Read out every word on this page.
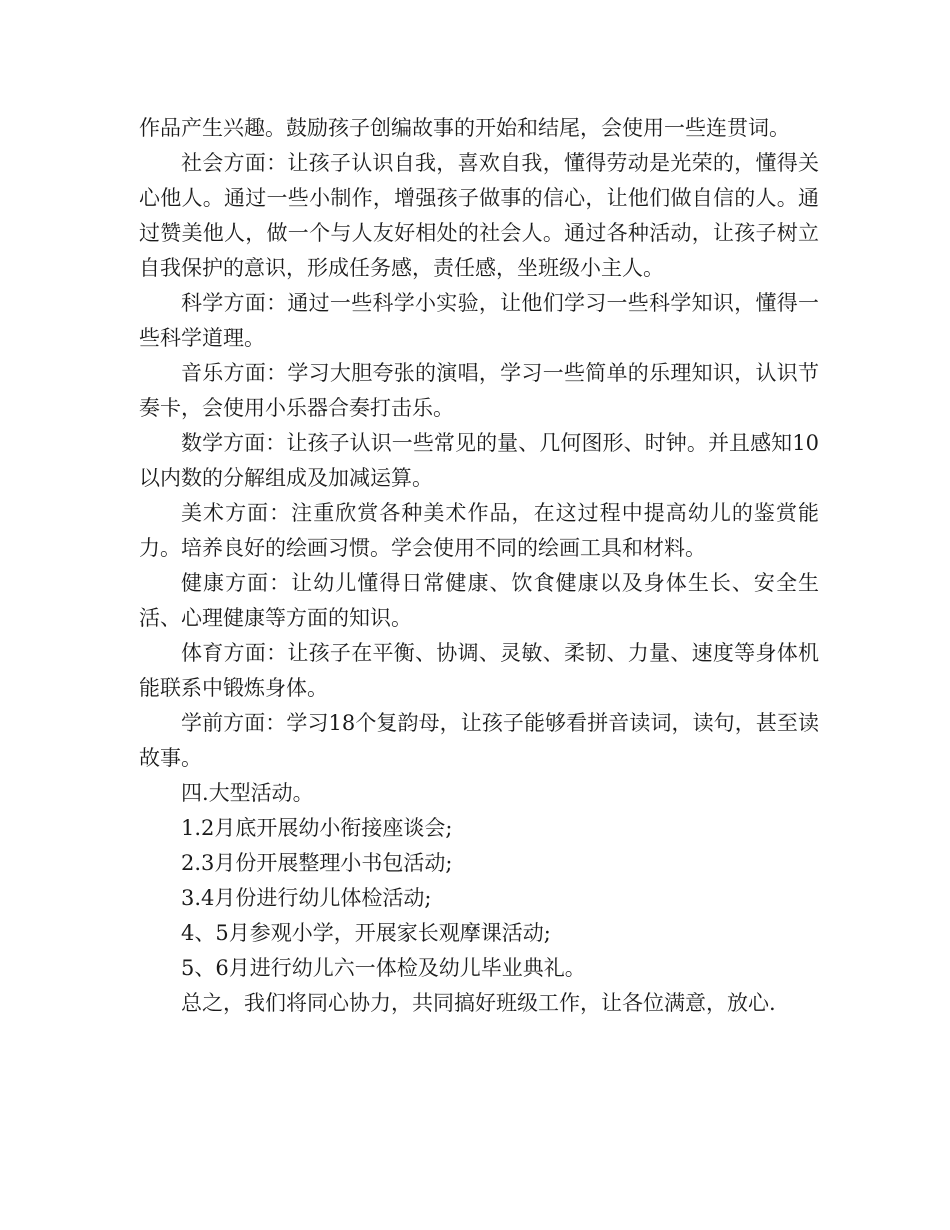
作品产生兴趣。鼓励孩子创编故事的开始和结尾，会使用一些连贯词。

社会方面：让孩子认识自我，喜欢自我，懂得劳动是光荣的，懂得关心他人。通过一些小制作，增强孩子做事的信心，让他们做自信的人。通过赞美他人，做一个与人友好相处的社会人。通过各种活动，让孩子树立自我保护的意识，形成任务感，责任感，坐班级小主人。

科学方面：通过一些科学小实验，让他们学习一些科学知识，懂得一些科学道理。

音乐方面：学习大胆夸张的演唱，学习一些简单的乐理知识，认识节奏卡，会使用小乐器合奏打击乐。

数学方面：让孩子认识一些常见的量、几何图形、时钟。并且感知10以内数的分解组成及加减运算。

美术方面：注重欣赏各种美术作品，在这过程中提高幼儿的鉴赏能力。培养良好的绘画习惯。学会使用不同的绘画工具和材料。

健康方面：让幼儿懂得日常健康、饮食健康以及身体生长、安全生活、心理健康等方面的知识。

体育方面：让孩子在平衡、协调、灵敏、柔韧、力量、速度等身体机能联系中锻炼身体。

学前方面：学习18个复韵母，让孩子能够看拼音读词，读句，甚至读故事。

四.大型活动。

1.2月底开展幼小衔接座谈会;

2.3月份开展整理小书包活动;

3.4月份进行幼儿体检活动;

4、5月参观小学，开展家长观摩课活动;

5、6月进行幼儿六一体检及幼儿毕业典礼。

总之，我们将同心协力，共同搞好班级工作，让各位满意，放心.
